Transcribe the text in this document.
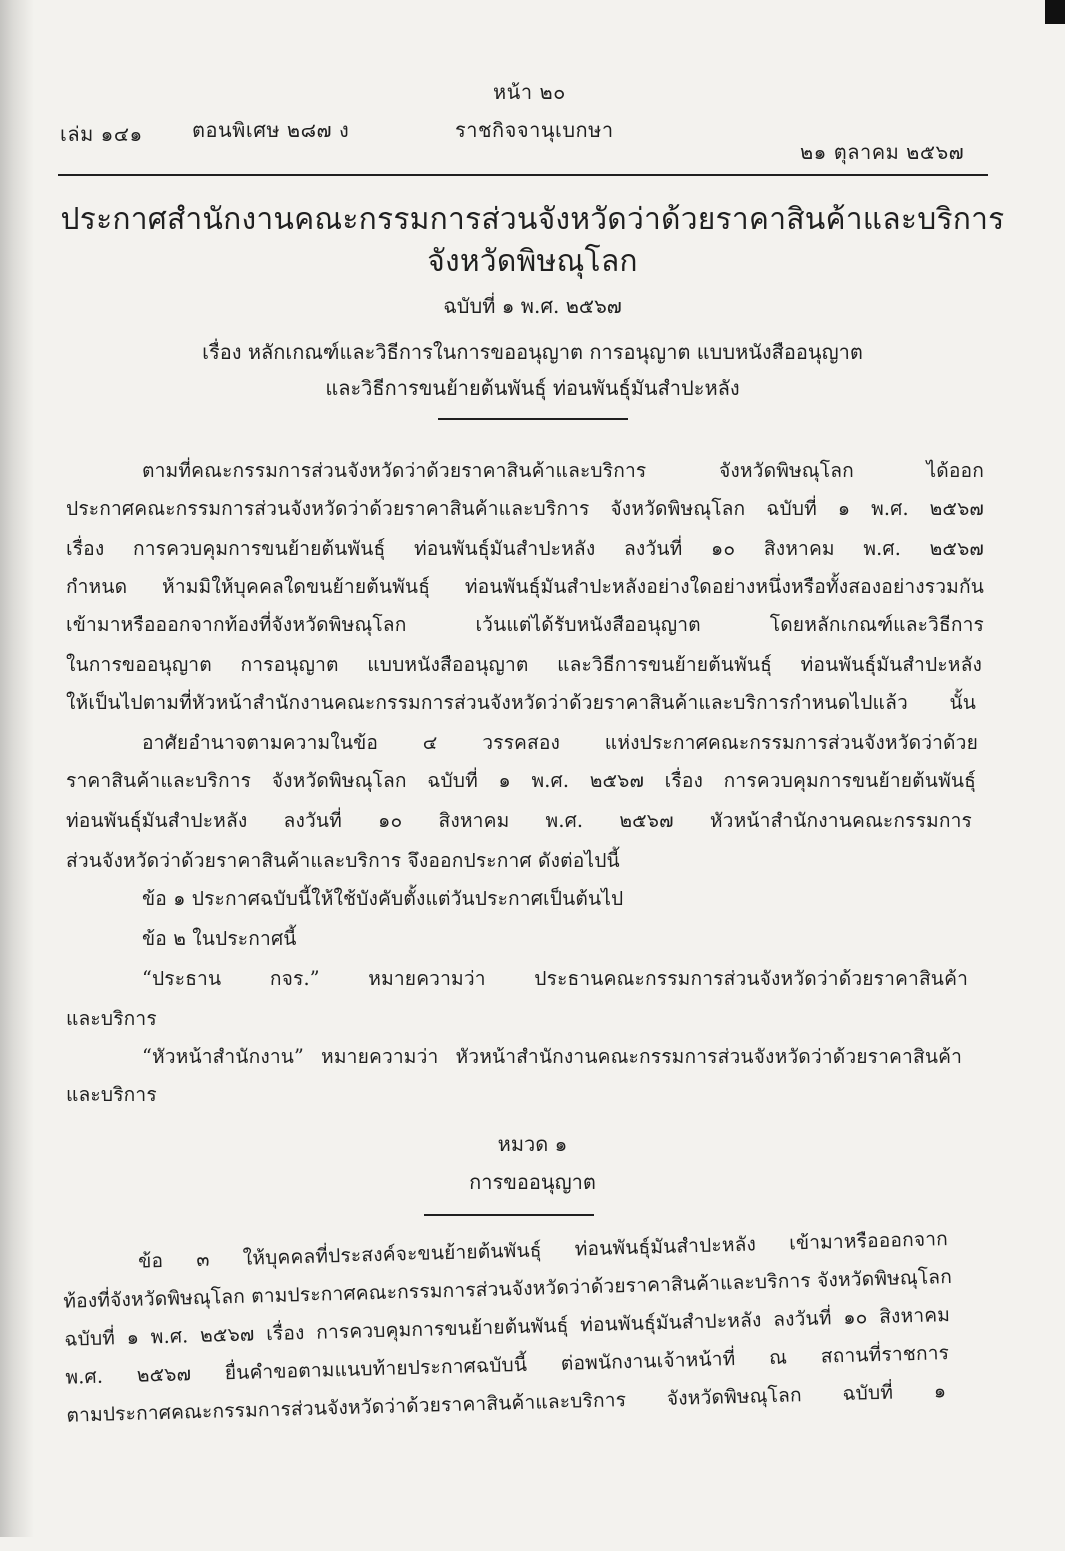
หน้า ๒๐
เล่ม ๑๔๑ ตอนพิเศษ ๒๘๗ ง	ราชกิจจานุเบกษา
๒๑ ตุลาคม ๒๕๖๗
ประกาศสำนักงานคณะกรรมการส่วนจังหวัดว่าด้วยราคาสินค้าและบริการ
จังหวัดพิษณุโลก
ฉบับที่ ๑ พ.ศ. ๒๕๖๗
เรื่อง หลักเกณฑ์และวิธีการในการขออนุญาต การอนุญาต แบบหนังสืออนุญาต
และวิธีการขนย้ายต้นพันธุ์ ท่อนพันธุ์มันสำปะหลัง
ตามที่คณะกรรมการส่วนจังหวัดว่าด้วยราคาสินค้าและบริการ จังหวัดพิษณุโลก ได้ออก
ประกาศคณะกรรมการส่วนจังหวัดว่าด้วยราคาสินค้าและบริการ จังหวัดพิษณุโลก ฉบับที่ ๑ พ.ศ. ๒๕๖๗
เรื่อง การควบคุมการขนย้ายต้นพันธุ์ ท่อนพันธุ์มันสำปะหลัง ลงวันที่ ๑๐ สิงหาคม พ.ศ. ๒๕๖๗
กำหนด ห้ามมิให้บุคคลใดขนย้ายต้นพันธุ์ ท่อนพันธุ์มันสำปะหลังอย่างใดอย่างหนึ่งหรือทั้งสองอย่างรวมกัน
เข้ามาหรือออกจากท้องที่จังหวัดพิษณุโลก เว้นแต่ได้รับหนังสืออนุญาต โดยหลักเกณฑ์และวิธีการ
ในการขออนุญาต การอนุญาต แบบหนังสืออนุญาต และวิธีการขนย้ายต้นพันธุ์ ท่อนพันธุ์มันสำปะหลัง
ให้เป็นไปตามที่หัวหน้าสำนักงานคณะกรรมการส่วนจังหวัดว่าด้วยราคาสินค้าและบริการกำหนดไปแล้ว นั้น
อาศัยอำนาจตามความในข้อ ๔ วรรคสอง แห่งประกาศคณะกรรมการส่วนจังหวัดว่าด้วย
ราคาสินค้าและบริการ จังหวัดพิษณุโลก ฉบับที่ ๑ พ.ศ. ๒๕๖๗ เรื่อง การควบคุมการขนย้ายต้นพันธุ์
ท่อนพันธุ์มันสำปะหลัง ลงวันที่ ๑๐ สิงหาคม พ.ศ. ๒๕๖๗ หัวหน้าสำนักงานคณะกรรมการ
ส่วนจังหวัดว่าด้วยราคาสินค้าและบริการ จึงออกประกาศ ดังต่อไปนี้
ข้อ ๑ ประกาศฉบับนี้ให้ใช้บังคับตั้งแต่วันประกาศเป็นต้นไป
ข้อ ๒ ในประกาศนี้
“ประธาน กจร.” หมายความว่า ประธานคณะกรรมการส่วนจังหวัดว่าด้วยราคาสินค้า
และบริการ
“หัวหน้าสำนักงาน” หมายความว่า หัวหน้าสำนักงานคณะกรรมการส่วนจังหวัดว่าด้วยราคาสินค้า
และบริการ
หมวด ๑
การขออนุญาต
ข้อ ๓ ให้บุคคลที่ประสงค์จะขนย้ายต้นพันธุ์ ท่อนพันธุ์มันสำปะหลัง เข้ามาหรือออกจาก
ท้องที่จังหวัดพิษณุโลก ตามประกาศคณะกรรมการส่วนจังหวัดว่าด้วยราคาสินค้าและบริการ จังหวัดพิษณุโลก
ฉบับที่ ๑ พ.ศ. ๒๕๖๗ เรื่อง การควบคุมการขนย้ายต้นพันธุ์ ท่อนพันธุ์มันสำปะหลัง ลงวันที่ ๑๐ สิงหาคม
พ.ศ. ๒๕๖๗ ยื่นคำขอตามแนบท้ายประกาศฉบับนี้ ต่อพนักงานเจ้าหน้าที่ ณ สถานที่ราชการ
ตามประกาศคณะกรรมการส่วนจังหวัดว่าด้วยราคาสินค้าและบริการ จังหวัดพิษณุโลก ฉบับที่ ๑
